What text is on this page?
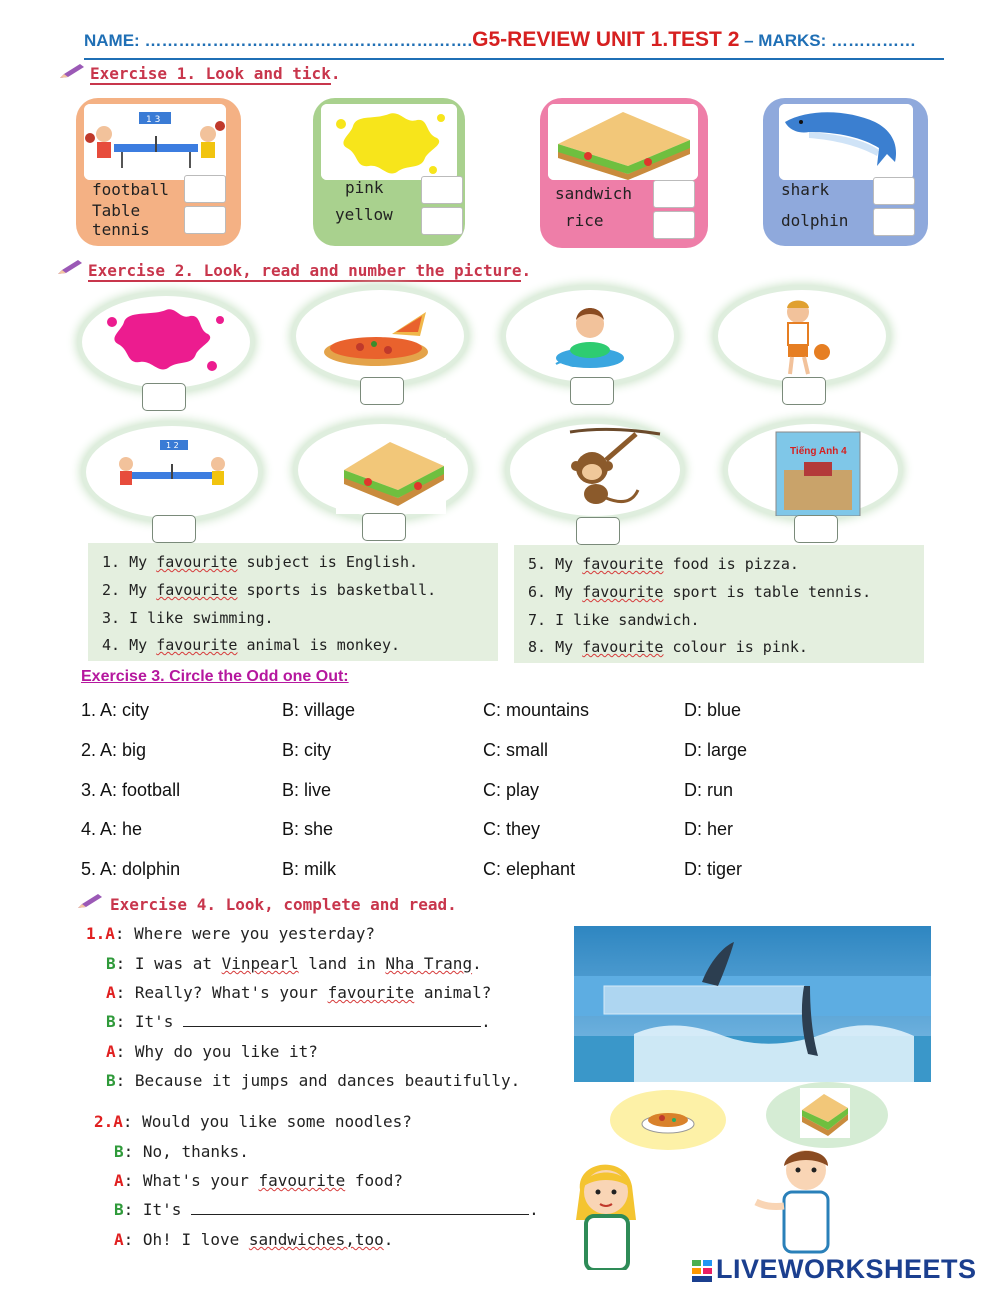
NAME: ………………………………………………….G5-REVIEW UNIT 1.TEST 2 – MARKS: ……………
Exercise 1. Look and tick.
1 3
football
Table
tennis
pink
yellow
sandwich
rice
shark
dolphin
Exercise 2. Look, read and number the picture.
1 2
Tiếng Anh 4
1. My favourite subject is English.
2. My favourite sports is basketball.
3. I like swimming.
4. My favourite animal is monkey.
5. My favourite food is pizza.
6. My favourite sport is table tennis.
7. I like sandwich.
8. My favourite colour is pink.
Exercise 3. Circle the Odd one Out:
1. A: city	B: village	C: mountains	D: blue
2. A: big	B: city	C: small	D: large
3. A: football	B: live	C: play	D: run
4. A: he	B: she	C: they	D: her
5. A: dolphin	B: milk	C: elephant	D: tiger
Exercise 4. Look, complete and read.
1.A: Where were you yesterday?
B: I was at Vinpearl land in Nha Trang.
A: Really? What's your favourite animal?
B: It's	.
A: Why do you like it?
B: Because it jumps and dances beautifully.
2.A: Would you like some noodles?
B: No, thanks.
A: What's your favourite food?
B: It's	.
A: Oh! I love sandwiches,too.
LIVEWORKSHEETS
